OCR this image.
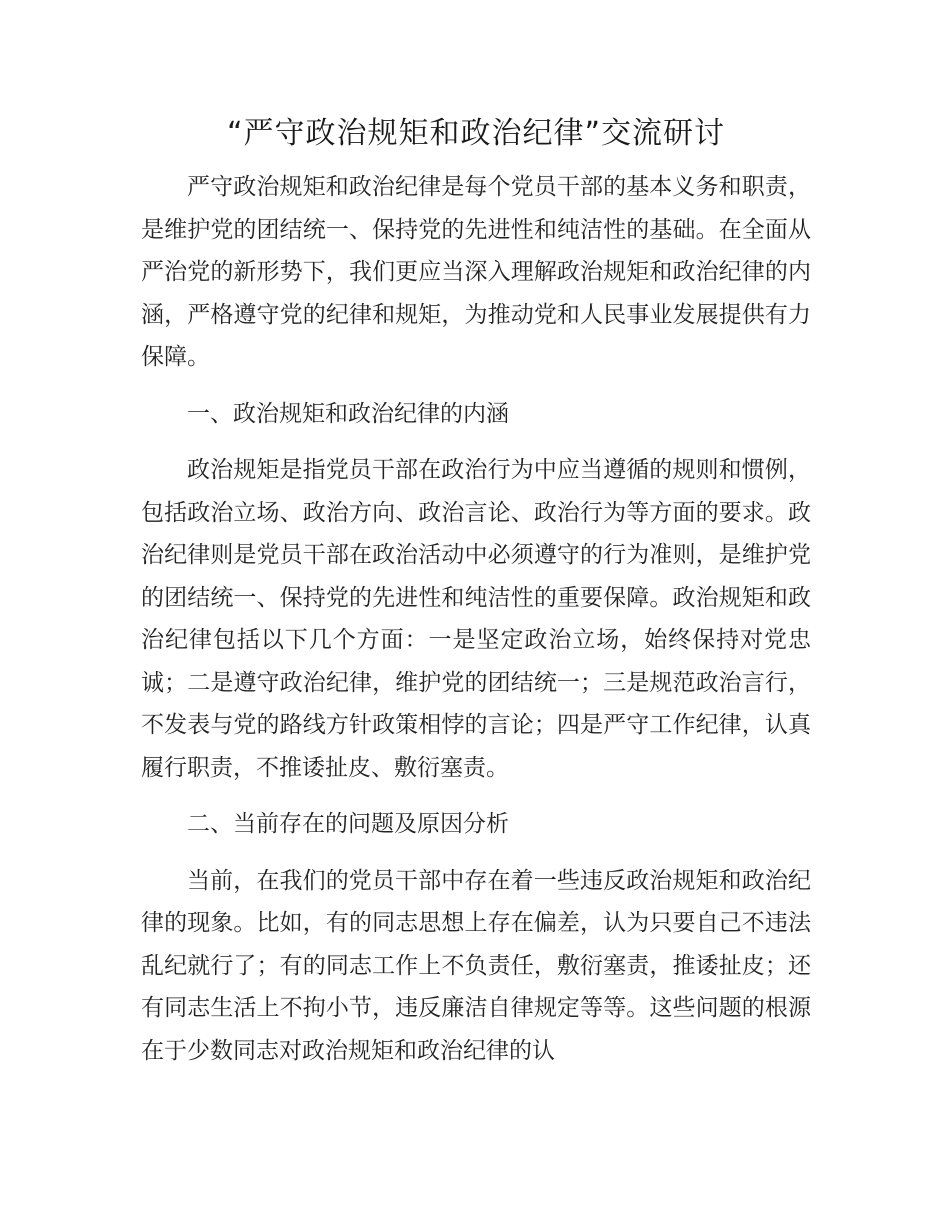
“严守政治规矩和政治纪律”交流研讨

严守政治规矩和政治纪律是每个党员干部的基本义务和职责，是维护党的团结统一、保持党的先进性和纯洁性的基础。在全面从严治党的新形势下，我们更应当深入理解政治规矩和政治纪律的内涵，严格遵守党的纪律和规矩，为推动党和人民事业发展提供有力保障。

一、政治规矩和政治纪律的内涵

政治规矩是指党员干部在政治行为中应当遵循的规则和惯例，包括政治立场、政治方向、政治言论、政治行为等方面的要求。政治纪律则是党员干部在政治活动中必须遵守的行为准则，是维护党的团结统一、保持党的先进性和纯洁性的重要保障。政治规矩和政治纪律包括以下几个方面：一是坚定政治立场，始终保持对党忠诚；二是遵守政治纪律，维护党的团结统一；三是规范政治言行，不发表与党的路线方针政策相悖的言论；四是严守工作纪律，认真履行职责，不推诿扯皮、敷衍塞责。

二、当前存在的问题及原因分析

当前，在我们的党员干部中存在着一些违反政治规矩和政治纪律的现象。比如，有的同志思想上存在偏差，认为只要自己不违法乱纪就行了；有的同志工作上不负责任，敷衍塞责，推诿扯皮；还有同志生活上不拘小节，违反廉洁自律规定等等。这些问题的根源在于少数同志对政治规矩和政治纪律的认
